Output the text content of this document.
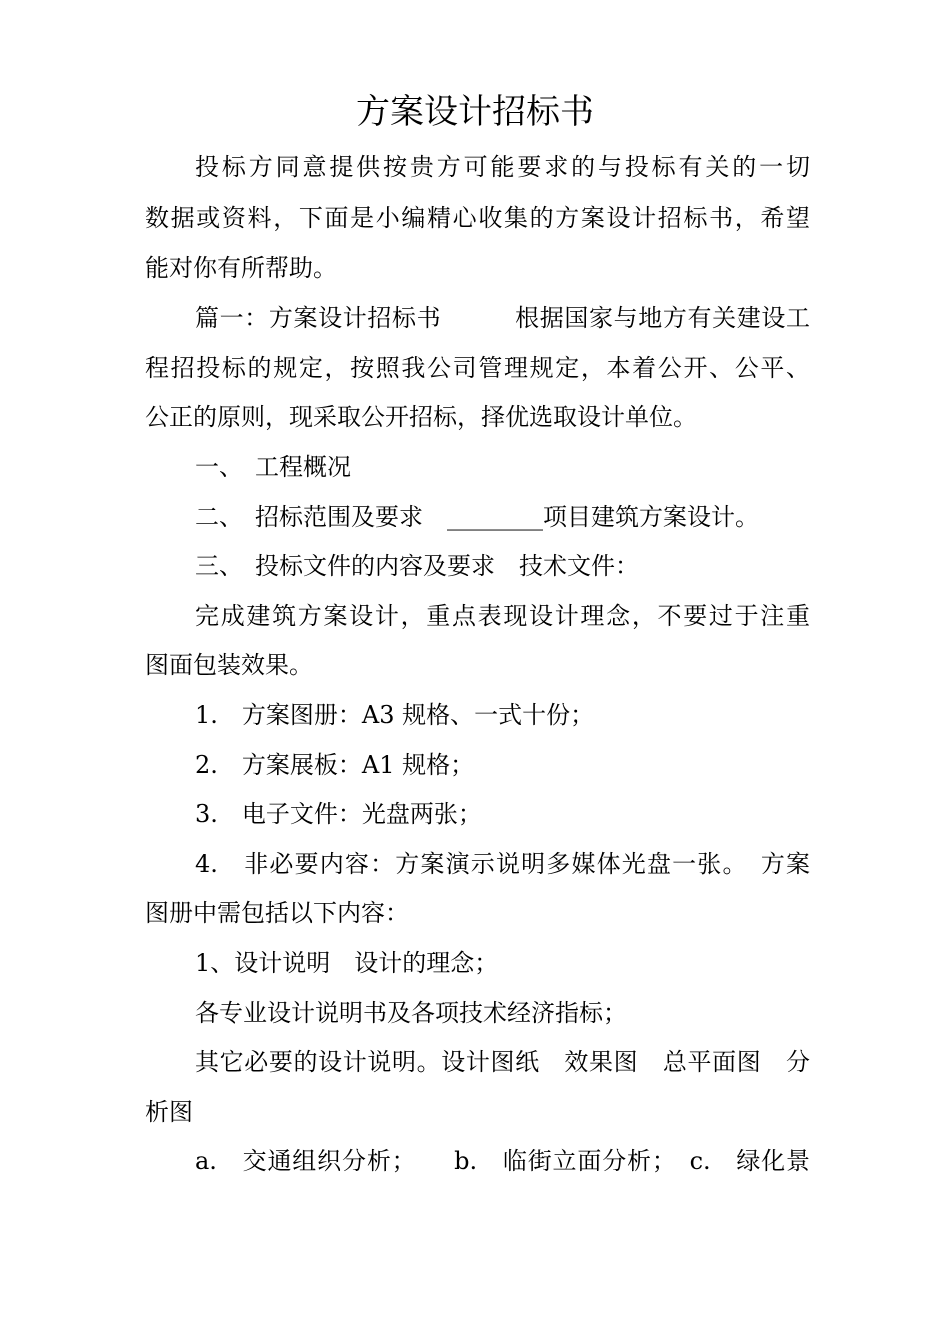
方案设计招标书
投标方同意提供按贵方可能要求的与投标有关的一切
数据或资料，下面是小编精心收集的方案设计招标书，希望
能对你有所帮助。
篇一：方案设计招标书　　　根据国家与地方有关建设工
程招投标的规定，按照我公司管理规定，本着公开、公平、
公正的原则，现采取公开招标，择优选取设计单位。
一、　工程概况
二、　招标范围及要求　________项目建筑方案设计。
三、　投标文件的内容及要求　技术文件：
完成建筑方案设计，重点表现设计理念，不要过于注重
图面包装效果。
1.　方案图册：A3 规格、一式十份；
2.　方案展板：A1 规格；
3.　电子文件：光盘两张；
4.　非必要内容：方案演示说明多媒体光盘一张。　方案
图册中需包括以下内容：
1、设计说明　设计的理念；
各专业设计说明书及各项技术经济指标；
其它必要的设计说明。设计图纸　效果图　总平面图　分
析图
a.　交通组织分析；　　b.　临街立面分析；　c.　绿化景
